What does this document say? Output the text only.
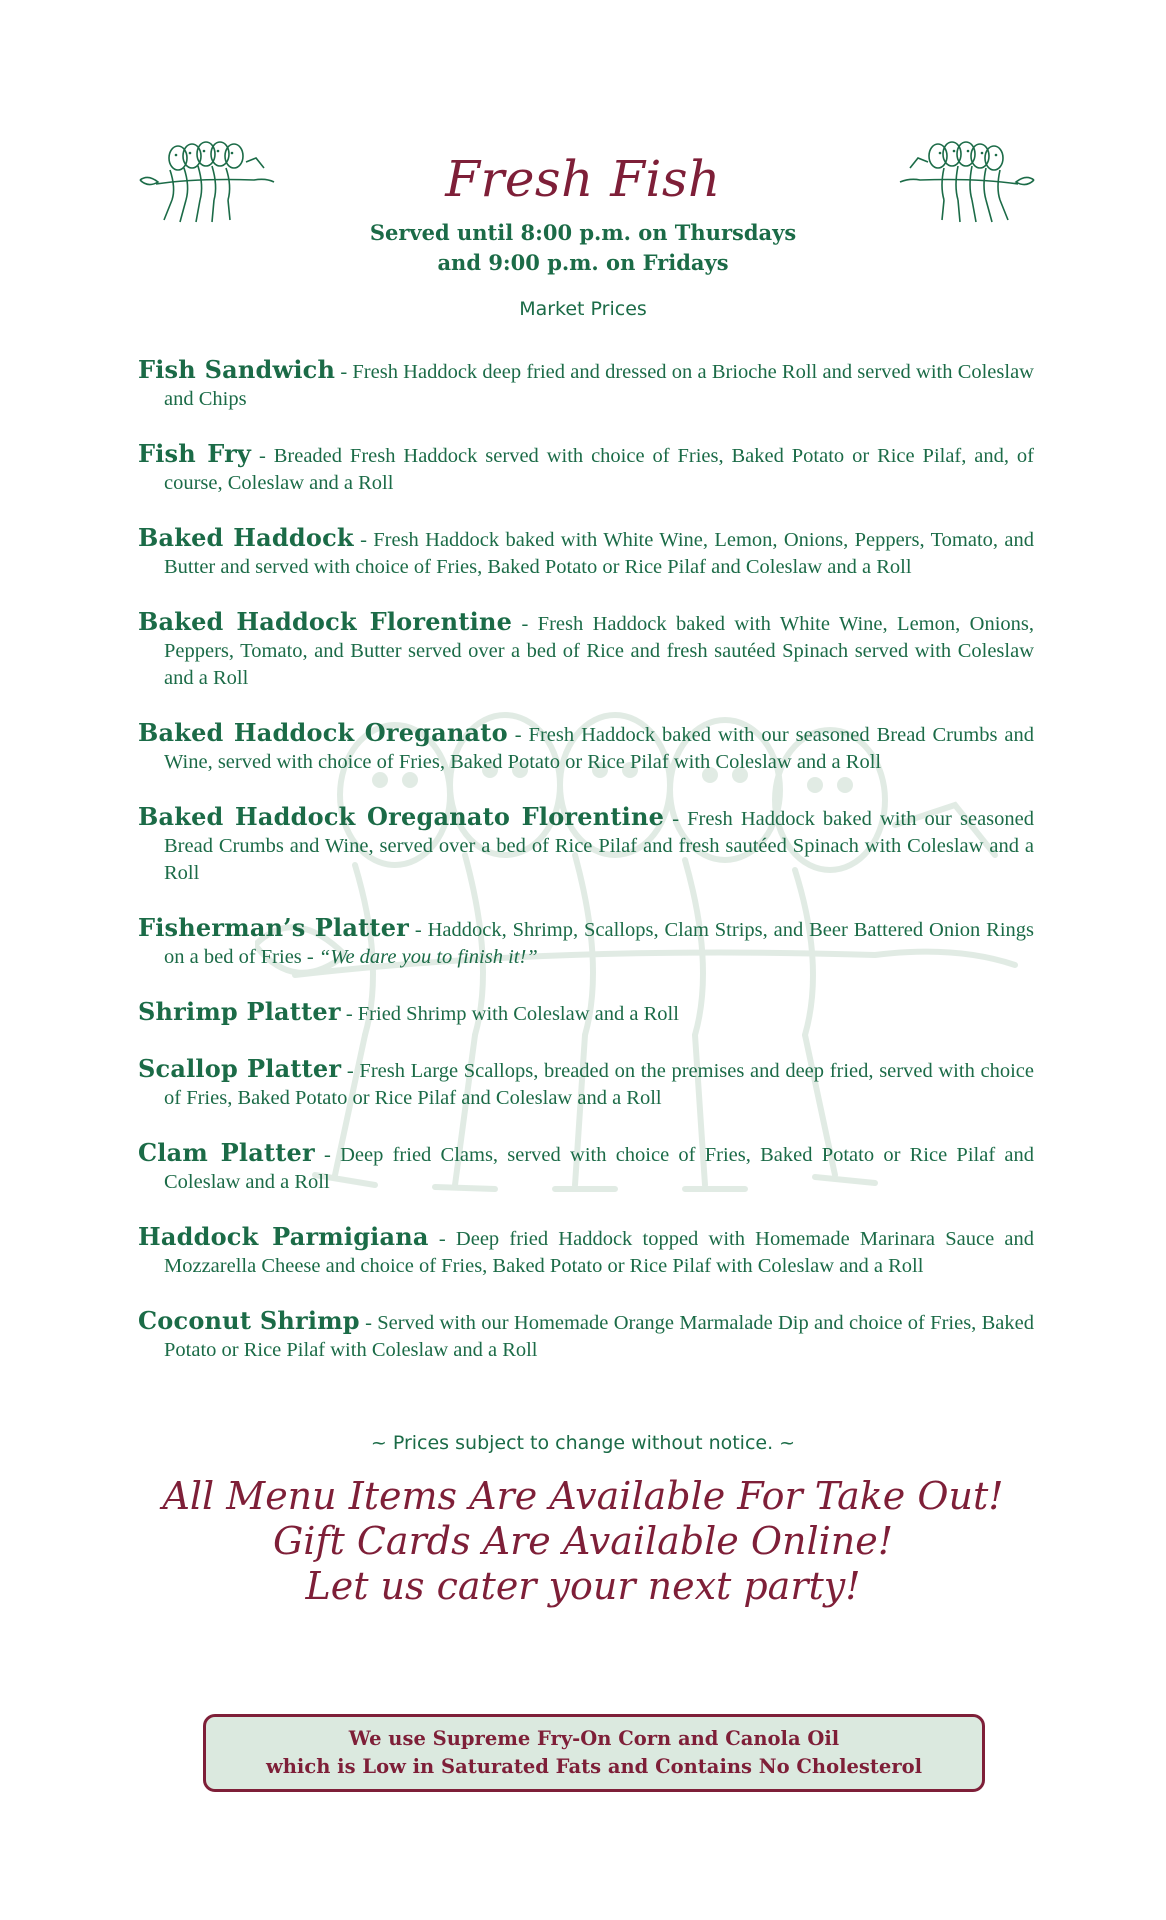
Fresh Fish
Served until 8:00 p.m. on Thursdays
and 9:00 p.m. on Fridays
Market Prices

Fish Sandwich - Fresh Haddock deep fried and dressed on a Brioche Roll and served with Coleslaw and Chips

Fish Fry - Breaded Fresh Haddock served with choice of Fries, Baked Potato or Rice Pilaf, and, of course, Coleslaw and a Roll

Baked Haddock - Fresh Haddock baked with White Wine, Lemon, Onions, Peppers, Tomato, and Butter and served with choice of Fries, Baked Potato or Rice Pilaf and Coleslaw and a Roll

Baked Haddock Florentine - Fresh Haddock baked with White Wine, Lemon, Onions, Peppers, Tomato, and Butter served over a bed of Rice and fresh sautéed Spinach served with Coleslaw and a Roll

Baked Haddock Oreganato - Fresh Haddock baked with our seasoned Bread Crumbs and Wine, served with choice of Fries, Baked Potato or Rice Pilaf with Coleslaw and a Roll

Baked Haddock Oreganato Florentine - Fresh Haddock baked with our seasoned Bread Crumbs and Wine, served over a bed of Rice Pilaf and fresh sautéed Spinach with Coleslaw and a Roll

Fisherman’s Platter - Haddock, Shrimp, Scallops, Clam Strips, and Beer Battered Onion Rings on a bed of Fries - “We dare you to finish it!”

Shrimp Platter - Fried Shrimp with Coleslaw and a Roll

Scallop Platter - Fresh Large Scallops, breaded on the premises and deep fried, served with choice of Fries, Baked Potato or Rice Pilaf and Coleslaw and a Roll

Clam Platter - Deep fried Clams, served with choice of Fries, Baked Potato or Rice Pilaf and Coleslaw and a Roll

Haddock Parmigiana - Deep fried Haddock topped with Homemade Marinara Sauce and Mozzarella Cheese and choice of Fries, Baked Potato or Rice Pilaf with Coleslaw and a Roll

Coconut Shrimp - Served with our Homemade Orange Marmalade Dip and choice of Fries, Baked Potato or Rice Pilaf with Coleslaw and a Roll

~ Prices subject to change without notice. ~
All Menu Items Are Available For Take Out!
Gift Cards Are Available Online!
Let us cater your next party!
We use Supreme Fry-On Corn and Canola Oil
which is Low in Saturated Fats and Contains No Cholesterol
